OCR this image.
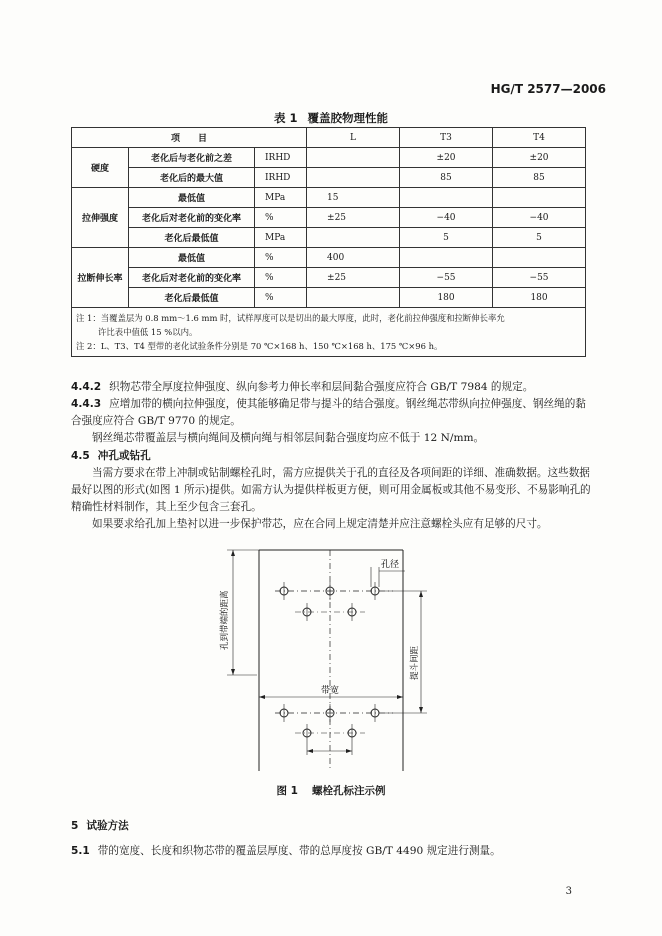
HG/T 2577—2006
表 1 覆盖胶物理性能
项　　目			L	T3	T4
硬度	老化后与老化前之差	IRHD		±20	±20
	老化后的最大值	IRHD		85	85
拉伸强度	最低值	MPa	15		
	老化后对老化前的变化率	%	±25	−40	−40
	老化后最低值	MPa		5	5
拉断伸长率	最低值	%	400		
	老化后对老化前的变化率	%	±25	−55	−55
	老化后最低值	%		180	180

注 1：当覆盖层为 0.8 mm～1.6 mm 时，试样厚度可以是切出的最大厚度，此时，老化前拉伸强度和拉断伸长率允
许比表中值低 15 %以内。
注 2：L、T3、T4 型带的老化试验条件分别是 70 ℃×168 h、150 ℃×168 h、175 ℃×96 h。					
4.4.2 织物芯带全厚度拉伸强度、纵向参考力伸长率和层间黏合强度应符合 GB/T 7984 的规定。
4.4.3 应增加带的横向拉伸强度，使其能够确足带与提斗的结合强度。钢丝绳芯带纵向拉伸强度、钢丝绳的黏合强度应符合 GB/T 9770 的规定。
钢丝绳芯带覆盖层与横向绳间及横向绳与相邻层间黏合强度均应不低于 12 N/mm。
4.5 冲孔或钻孔
当需方要求在带上冲制或钻制螺栓孔时，需方应提供关于孔的直径及各项间距的详细、准确数据。这些数据最好以图的形式(如图 1 所示)提供。如需方认为提供样板更方便，则可用金属板或其他不易变形、不易影响孔的精确性材料制作，其上至少包含三套孔。
如果要求给孔加上垫衬以进一步保护带芯，应在合同上规定清楚并应注意螺栓头应有足够的尺寸。
孔径
孔到带端的距离
带宽
提斗间距
图 1 螺栓孔标注示例
5 试验方法
5.1 带的宽度、长度和织物芯带的覆盖层厚度、带的总厚度按 GB/T 4490 规定进行测量。
3
